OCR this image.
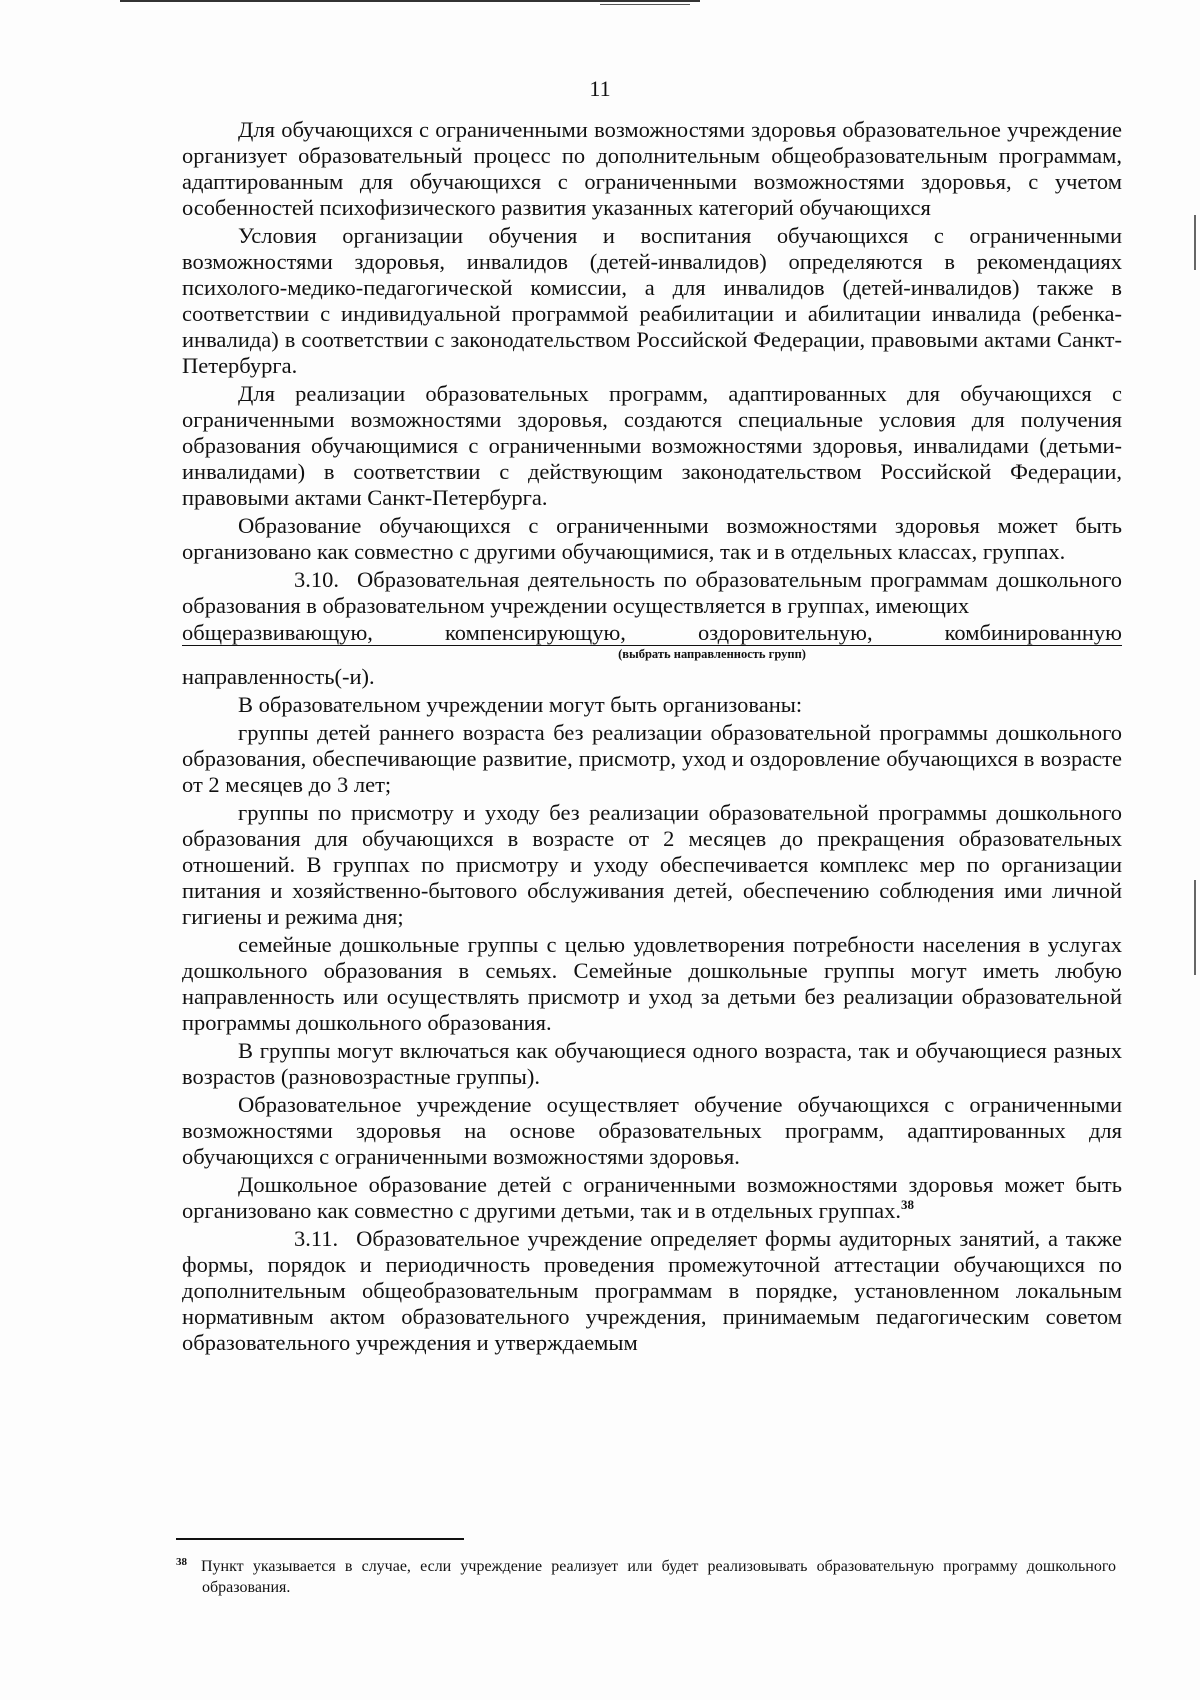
11

Для обучающихся с ограниченными возможностями здоровья образовательное учреждение организует образовательный процесс по дополнительным общеобразовательным программам, адаптированным для обучающихся с ограниченными возможностями здоровья, с учетом особенностей психофизического развития указанных категорий обучающихся

Условия организации обучения и воспитания обучающихся с ограниченными возможностями здоровья, инвалидов (детей-инвалидов) определяются в рекомендациях психолого-медико-педагогической комиссии, а для инвалидов (детей-инвалидов) также в соответствии с индивидуальной программой реабилитации и абилитации инвалида (ребенка-инвалида) в соответствии с законодательством Российской Федерации, правовыми актами Санкт-Петербурга.

Для реализации образовательных программ, адаптированных для обучающихся с ограниченными возможностями здоровья, создаются специальные условия для получения образования обучающимися с ограниченными возможностями здоровья, инвалидами (детьми-инвалидами) в соответствии с действующим законодательством Российской Федерации, правовыми актами Санкт-Петербурга.

Образование обучающихся с ограниченными возможностями здоровья может быть организовано как совместно с другими обучающимися, так и в отдельных классах, группах.

3.10. Образовательная деятельность по образовательным программам дошкольного образования в образовательном учреждении осуществляется в группах, имеющих

общеразвивающую,	компенсирующую,	оздоровительную,	комбинированную
(выбрать направленность групп)

направленность(-и).

В образовательном учреждении могут быть организованы:

группы детей раннего возраста без реализации образовательной программы дошкольного образования, обеспечивающие развитие, присмотр, уход и оздоровление обучающихся в возрасте от 2 месяцев до 3 лет;

группы по присмотру и уходу без реализации образовательной программы дошкольного образования для обучающихся в возрасте от 2 месяцев до прекращения образовательных отношений. В группах по присмотру и уходу обеспечивается комплекс мер по организации питания и хозяйственно-бытового обслуживания детей, обеспечению соблюдения ими личной гигиены и режима дня;

семейные дошкольные группы с целью удовлетворения потребности населения в услугах дошкольного образования в семьях. Семейные дошкольные группы могут иметь любую направленность или осуществлять присмотр и уход за детьми без реализации образовательной программы дошкольного образования.

В группы могут включаться как обучающиеся одного возраста, так и обучающиеся разных возрастов (разновозрастные группы).

Образовательное учреждение осуществляет обучение обучающихся с ограниченными возможностями здоровья на основе образовательных программ, адаптированных для обучающихся с ограниченными возможностями здоровья.

Дошкольное образование детей с ограниченными возможностями здоровья может быть организовано как совместно с другими детьми, так и в отдельных группах.$^{38}$

3.11. Образовательное учреждение определяет формы аудиторных занятий, а также формы, порядок и периодичность проведения промежуточной аттестации обучающихся по дополнительным общеобразовательным программам в порядке, установленном локальным нормативным актом образовательного учреждения, принимаемым педагогическим советом образовательного учреждения и утверждаемым

$^{38}$ Пункт указывается в случае, если учреждение реализует или будет реализовывать образовательную программу дошкольного образования.
